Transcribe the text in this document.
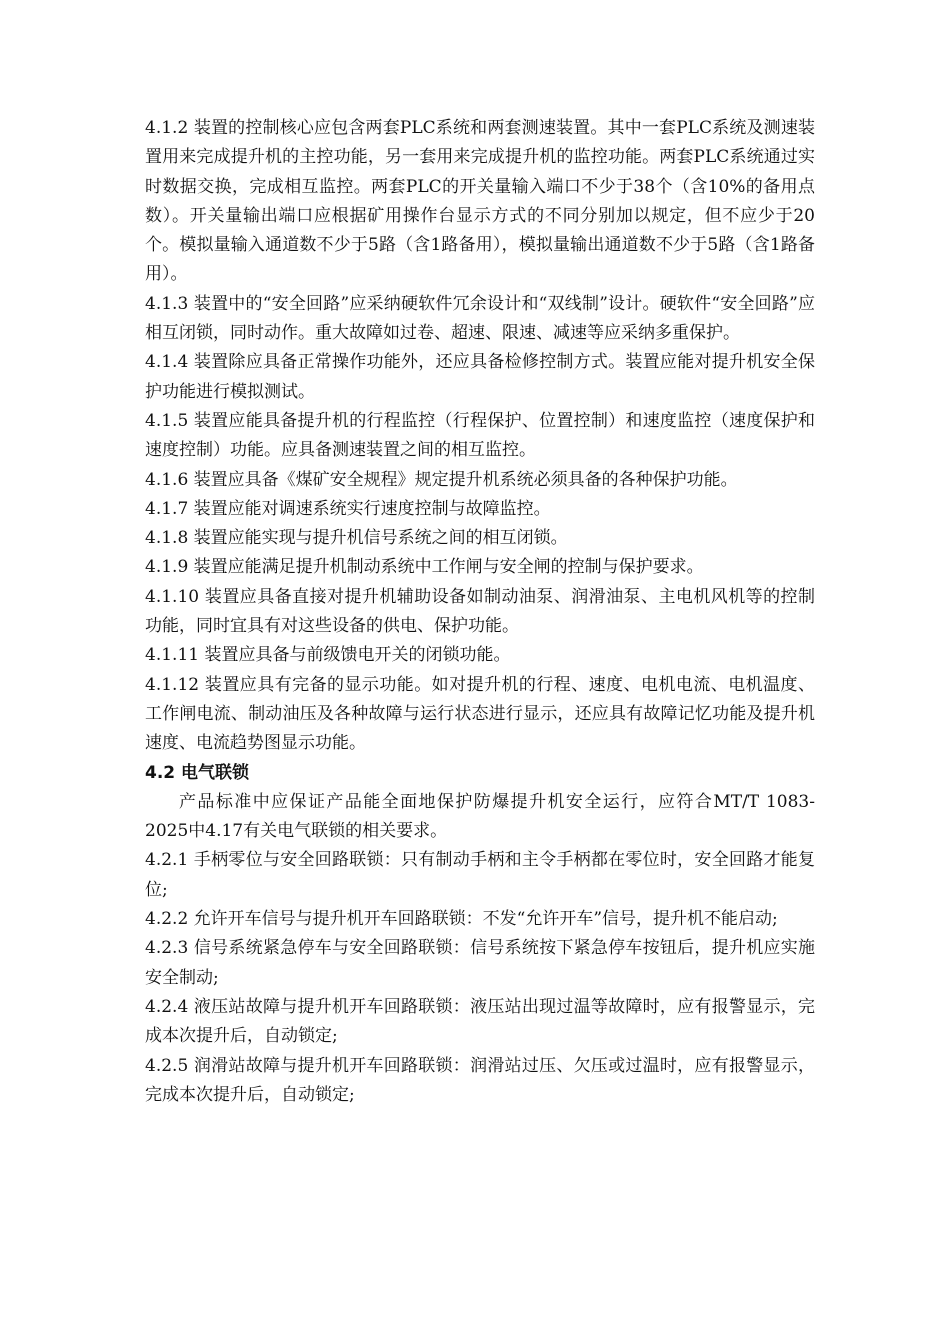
4.1.2 装置的控制核心应包含两套PLC系统和两套测速装置。其中一套PLC系统及测速装置用来完成提升机的主控功能，另一套用来完成提升机的监控功能。两套PLC系统通过实时数据交换，完成相互监控。两套PLC的开关量输入端口不少于38个（含10%的备用点数）。开关量输出端口应根据矿用操作台显示方式的不同分别加以规定，但不应少于20个。模拟量输入通道数不少于5路（含1路备用），模拟量输出通道数不少于5路（含1路备用）。

4.1.3 装置中的“安全回路”应采纳硬软件冗余设计和“双线制”设计。硬软件“安全回路”应相互闭锁，同时动作。重大故障如过卷、超速、限速、减速等应采纳多重保护。

4.1.4 装置除应具备正常操作功能外，还应具备检修控制方式。装置应能对提升机安全保护功能进行模拟测试。

4.1.5 装置应能具备提升机的行程监控（行程保护、位置控制）和速度监控（速度保护和速度控制）功能。应具备测速装置之间的相互监控。

4.1.6 装置应具备《煤矿安全规程》规定提升机系统必须具备的各种保护功能。

4.1.7 装置应能对调速系统实行速度控制与故障监控。

4.1.8 装置应能实现与提升机信号系统之间的相互闭锁。

4.1.9 装置应能满足提升机制动系统中工作闸与安全闸的控制与保护要求。

4.1.10 装置应具备直接对提升机辅助设备如制动油泵、润滑油泵、主电机风机等的控制功能，同时宜具有对这些设备的供电、保护功能。

4.1.11 装置应具备与前级馈电开关的闭锁功能。

4.1.12 装置应具有完备的显示功能。如对提升机的行程、速度、电机电流、电机温度、工作闸电流、制动油压及各种故障与运行状态进行显示，还应具有故障记忆功能及提升机速度、电流趋势图显示功能。

4.2 电气联锁

产品标准中应保证产品能全面地保护防爆提升机安全运行，应符合MT/T 1083-2025中4.17有关电气联锁的相关要求。

4.2.1 手柄零位与安全回路联锁：只有制动手柄和主令手柄都在零位时，安全回路才能复位;

4.2.2 允许开车信号与提升机开车回路联锁：不发“允许开车”信号，提升机不能启动;

4.2.3 信号系统紧急停车与安全回路联锁：信号系统按下紧急停车按钮后，提升机应实施安全制动;

4.2.4 液压站故障与提升机开车回路联锁：液压站出现过温等故障时，应有报警显示，完成本次提升后，自动锁定;

4.2.5 润滑站故障与提升机开车回路联锁：润滑站过压、欠压或过温时，应有报警显示，完成本次提升后，自动锁定;
